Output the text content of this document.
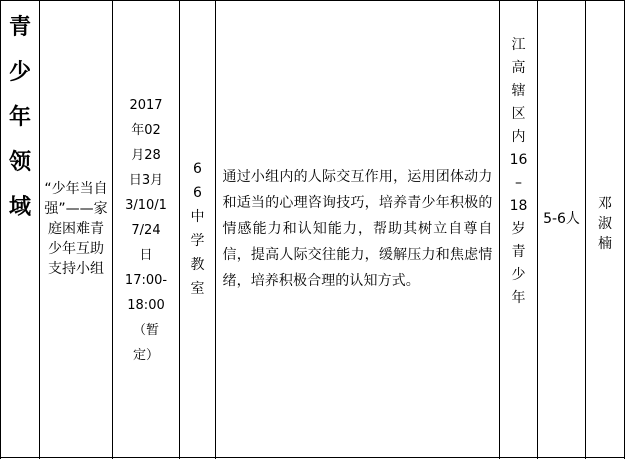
青
少
年
领
域
“少年当自强”——家庭困难青少年互助支持小组
2017
年02
月28
日3月
3/10/1
7/24
日
17:00-
18:00
（暂
定）
6
6
中
学
教
室
通过小组内的人际交互作用，运用团体动力和适当的心理咨询技巧，培养青少年积极的情感能力和认知能力，帮助其树立自尊自信，提高人际交往能力，缓解压力和焦虑情绪，培养积极合理的认知方式。
江
高
辖
区
内
16
–
18
岁
青
少
年
5-6人
邓淑楠
